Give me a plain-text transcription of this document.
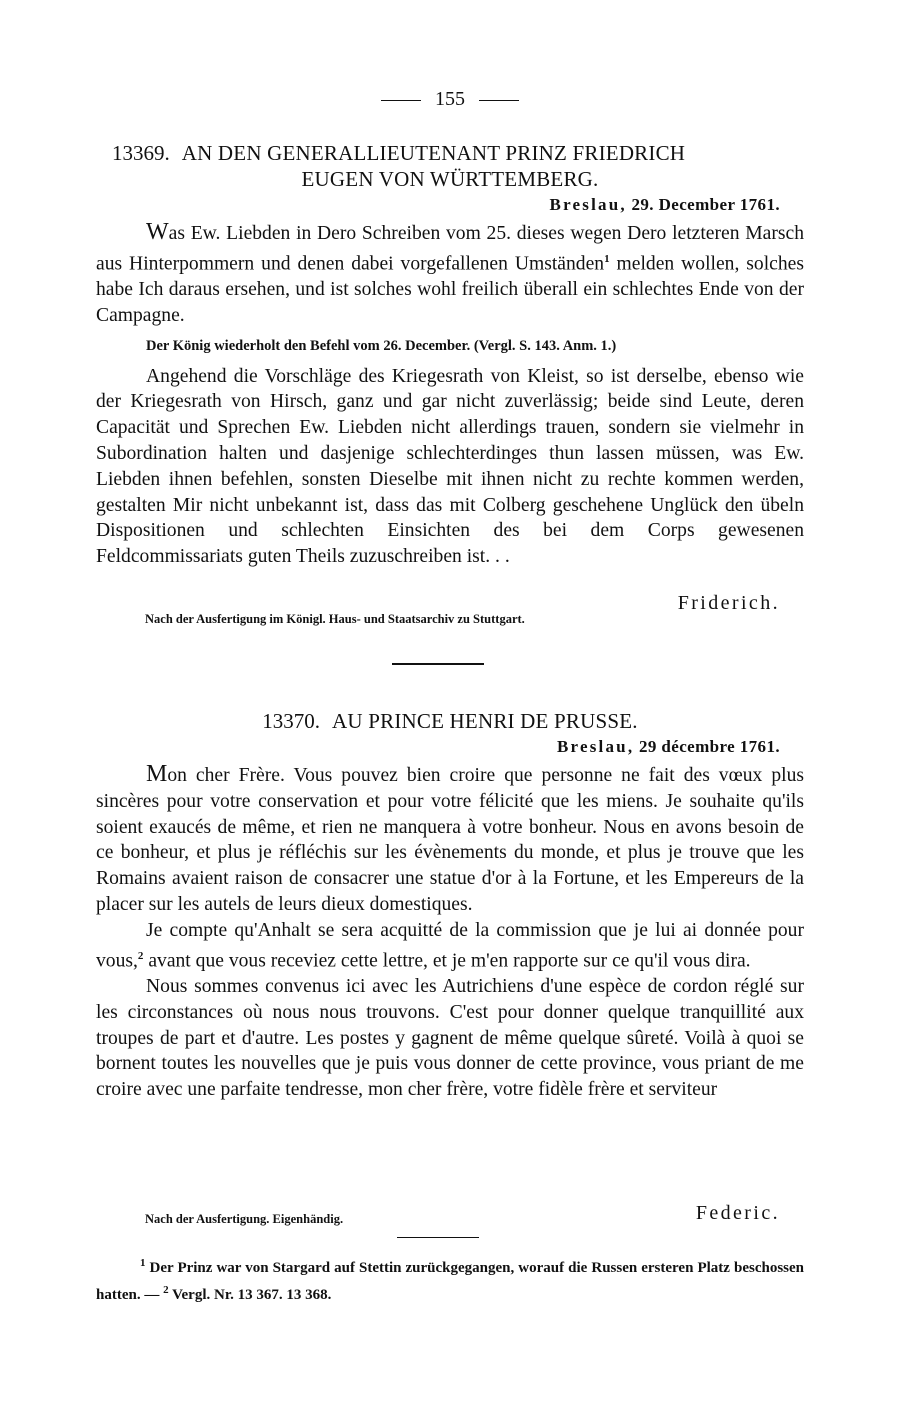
155
13369. AN DEN GENERALLIEUTENANT PRINZ FRIEDRICH
EUGEN VON WÜRTTEMBERG.
Breslau, 29. December 1761.

Was Ew. Liebden in Dero Schreiben vom 25. dieses wegen Dero letzteren Marsch aus Hinterpommern und denen dabei vorgefallenen Umständen$^1$ melden wollen, solches habe Ich daraus ersehen, und ist solches wohl freilich überall ein schlechtes Ende von der Campagne.

Der König wiederholt den Befehl vom 26. December. (Vergl. S. 143. Anm. 1.)

Angehend die Vorschläge des Kriegesrath von Kleist, so ist derselbe, ebenso wie der Kriegesrath von Hirsch, ganz und gar nicht zuverlässig; beide sind Leute, deren Capacität und Sprechen Ew. Liebden nicht allerdings trauen, sondern sie vielmehr in Subordination halten und dasjenige schlechterdinges thun lassen müssen, was Ew. Liebden ihnen befehlen, sonsten Dieselbe mit ihnen nicht zu rechte kommen werden, gestalten Mir nicht unbekannt ist, dass das mit Colberg geschehene Unglück den übeln Dispositionen und schlechten Einsichten des bei dem Corps gewesenen Feldcommissariats guten Theils zuzuschreiben ist. . .

Friderich.
Nach der Ausfertigung im Königl. Haus- und Staatsarchiv zu Stuttgart.
13370. AU PRINCE HENRI DE PRUSSE.
Breslau, 29 décembre 1761.

Mon cher Frère. Vous pouvez bien croire que personne ne fait des vœux plus sincères pour votre conservation et pour votre félicité que les miens. Je souhaite qu'ils soient exaucés de même, et rien ne manquera à votre bonheur. Nous en avons besoin de ce bonheur, et plus je réfléchis sur les évènements du monde, et plus je trouve que les Romains avaient raison de consacrer une statue d'or à la Fortune, et les Empereurs de la placer sur les autels de leurs dieux domestiques.

Je compte qu'Anhalt se sera acquitté de la commission que je lui ai donnée pour vous,$^2$ avant que vous receviez cette lettre, et je m'en rapporte sur ce qu'il vous dira.

Nous sommes convenus ici avec les Autrichiens d'une espèce de cordon réglé sur les circonstances où nous nous trouvons. C'est pour donner quelque tranquillité aux troupes de part et d'autre. Les postes y gagnent de même quelque sûreté. Voilà à quoi se bornent toutes les nouvelles que je puis vous donner de cette province, vous priant de me croire avec une parfaite tendresse, mon cher frère, votre fidèle frère et serviteur

Federic.
Nach der Ausfertigung. Eigenhändig.

$^1$ Der Prinz war von Stargard auf Stettin zurückgegangen, worauf die Russen ersteren Platz beschossen hatten. — $^2$ Vergl. Nr. 13 367. 13 368.
